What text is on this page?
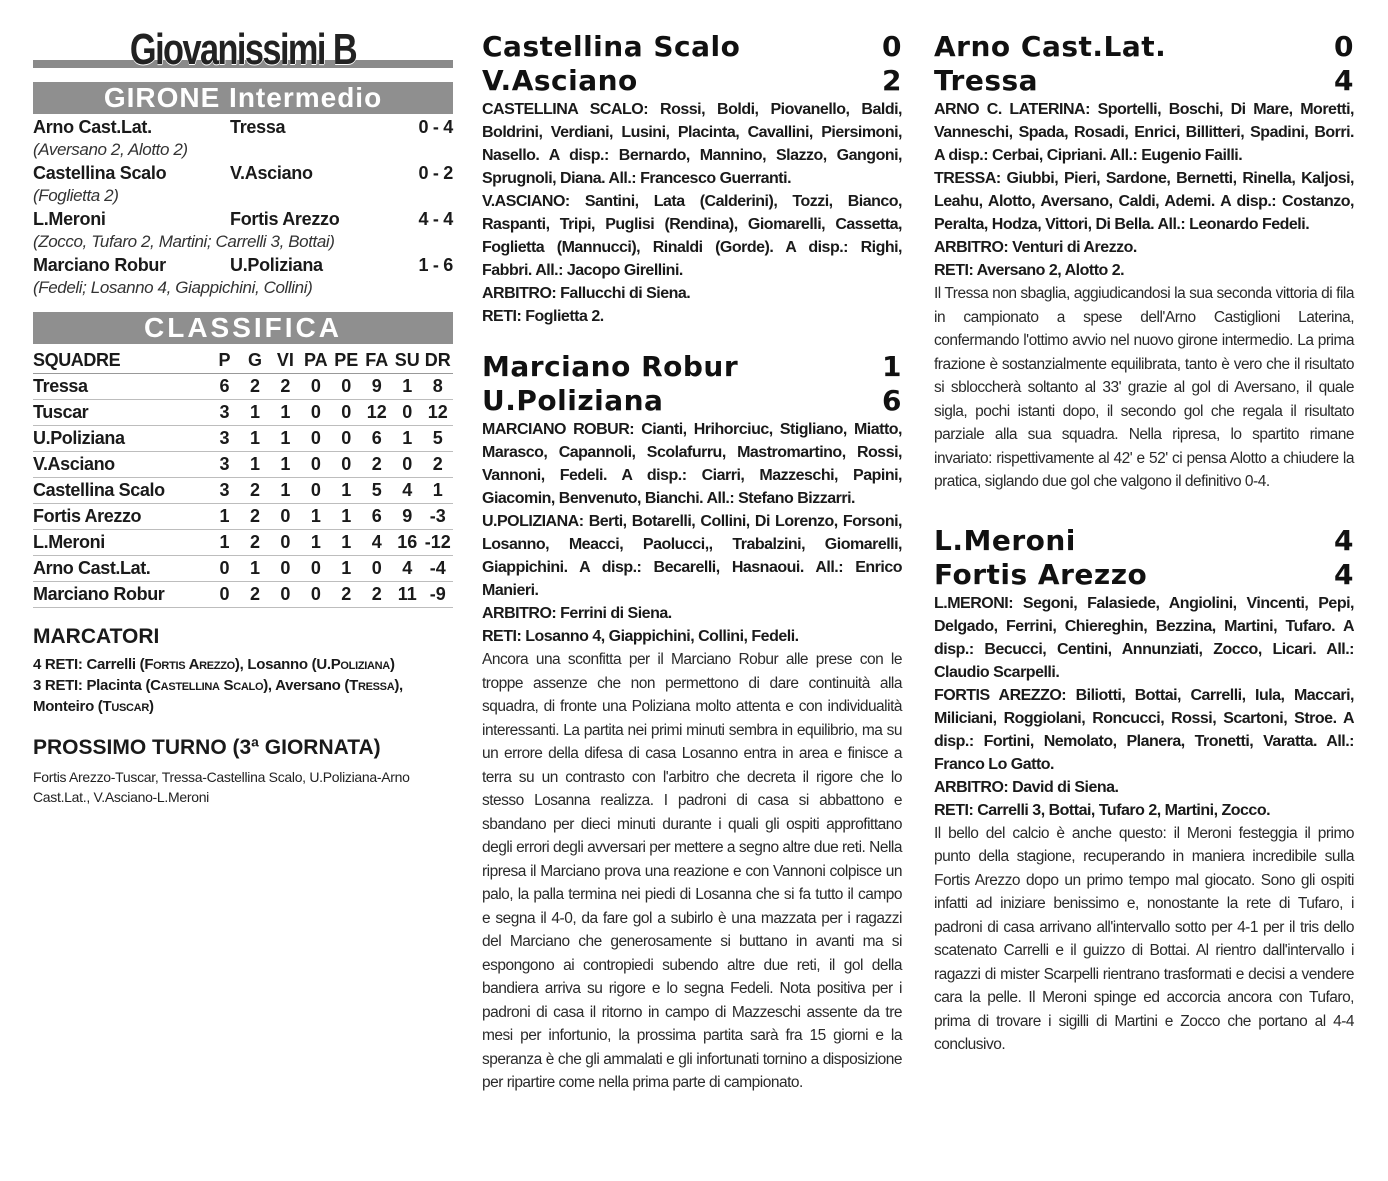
Giovanissimi B
GIRONE Intermedio
Arno Cast.Lat.	Tressa	0 - 4
(Aversano 2, Alotto 2)
Castellina Scalo	V.Asciano	0 - 2
(Foglietta 2)
L.Meroni	Fortis Arezzo	4 - 4
(Zocco, Tufaro 2, Martini; Carrelli 3, Bottai)
Marciano Robur	U.Poliziana	1 - 6
(Fedeli; Losanno 4, Giappichini, Collini)
CLASSIFICA
SQUADRE	P	G	VI	PA	PE	FA	SU	DR
Tressa	6	2	2	0	0	9	1	8
Tuscar	3	1	1	0	0	12	0	12
U.Poliziana	3	1	1	0	0	6	1	5
V.Asciano	3	1	1	0	0	2	0	2
Castellina Scalo	3	2	1	0	1	5	4	1
Fortis Arezzo	1	2	0	1	1	6	9	-3
L.Meroni	1	2	0	1	1	4	16	-12
Arno Cast.Lat.	0	1	0	0	1	0	4	-4
Marciano Robur	0	2	0	0	2	2	11	-9
MARCATORI
4 RETI: Carrelli (Fortis Arezzo), Losanno (U.Poliziana)
3 RETI: Placinta (Castellina Scalo), Aversano (Tressa),
Monteiro (Tuscar)
PROSSIMO TURNO (3ª GIORNATA)
Fortis Arezzo-Tuscar, Tressa-Castellina Scalo, U.Poliziana-Arno Cast.Lat., V.Asciano-L.Meroni
Castellina Scalo	0
V.Asciano	2
CASTELLINA SCALO: Rossi, Boldi, Piovanello, Baldi, Boldrini, Verdiani, Lusini, Placinta, Cavallini, Piersimoni, Nasello. A disp.: Bernardo, Mannino, Slazzo, Gangoni, Sprugnoli, Diana. All.: Francesco Guerranti.
V.ASCIANO: Santini, Lata (Calderini), Tozzi, Bianco, Raspanti, Tripi, Puglisi (Rendina), Giomarelli, Cassetta, Foglietta (Mannucci), Rinaldi (Gorde). A disp.: Righi, Fabbri. All.: Jacopo Girellini.
ARBITRO: Fallucchi di Siena.
RETI: Foglietta 2.
Marciano Robur	1
U.Poliziana	6
MARCIANO ROBUR: Cianti, Hrihorciuc, Stigliano, Miatto, Marasco, Capannoli, Scolafurru, Mastromartino, Rossi, Vannoni, Fedeli. A disp.: Ciarri, Mazzeschi, Papini, Giacomin, Benvenuto, Bianchi. All.: Stefano Bizzarri.
U.POLIZIANA: Berti, Botarelli, Collini, Di Lorenzo, Forsoni, Losanno, Meacci, Paolucci,, Trabalzini, Giomarelli, Giappichini. A disp.: Becarelli, Hasnaoui. All.: Enrico Manieri.
ARBITRO: Ferrini di Siena.
RETI: Losanno 4, Giappichini, Collini, Fedeli.
Ancora una sconfitta per il Marciano Robur alle prese con le troppe assenze che non permettono di dare continuità alla squadra, di fronte una Poliziana molto attenta e con individualità interessanti. La partita nei primi minuti sembra in equilibrio, ma su un errore della difesa di casa Losanno entra in area e finisce a terra su un contrasto con l'arbitro che decreta il rigore che lo stesso Losanna realizza. I padroni di casa si abbattono e sbandano per dieci minuti durante i quali gli ospiti approfittano degli errori degli avversari per mettere a segno altre due reti. Nella ripresa il Marciano prova una reazione e con Vannoni colpisce un palo, la palla termina nei piedi di Losanna che si fa tutto il campo e segna il 4-0, da fare gol a subirlo è una mazzata per i ragazzi del Marciano che generosamente si buttano in avanti ma si espongono ai contropiedi subendo altre due reti, il gol della bandiera arriva su rigore e lo segna Fedeli. Nota positiva per i padroni di casa il ritorno in campo di Mazzeschi assente da tre mesi per infortunio, la prossima partita sarà fra 15 giorni e la speranza è che gli ammalati e gli infortunati tornino a disposizione per ripartire come nella prima parte di campionato.
Arno Cast.Lat.	0
Tressa	4
ARNO C. LATERINA: Sportelli, Boschi, Di Mare, Moretti, Vanneschi, Spada, Rosadi, Enrici, Billitteri, Spadini, Borri. A disp.: Cerbai, Cipriani. All.: Eugenio Failli.
TRESSA: Giubbi, Pieri, Sardone, Bernetti, Rinella, Kaljosi, Leahu, Alotto, Aversano, Caldi, Ademi. A disp.: Costanzo, Peralta, Hodza, Vittori, Di Bella. All.: Leonardo Fedeli.
ARBITRO: Venturi di Arezzo.
RETI: Aversano 2, Alotto 2.
Il Tressa non sbaglia, aggiudicandosi la sua seconda vittoria di fila in campionato a spese dell'Arno Castiglioni Laterina, confermando l'ottimo avvio nel nuovo girone intermedio. La prima frazione è sostanzialmente equilibrata, tanto è vero che il risultato si sbloccherà soltanto al 33' grazie al gol di Aversano, il quale sigla, pochi istanti dopo, il secondo gol che regala il risultato parziale alla sua squadra. Nella ripresa, lo spartito rimane invariato: rispettivamente al 42' e 52' ci pensa Alotto a chiudere la pratica, siglando due gol che valgono il definitivo 0-4.
L.Meroni	4
Fortis Arezzo	4
L.MERONI: Segoni, Falasiede, Angiolini, Vincenti, Pepi, Delgado, Ferrini, Chiereghin, Bezzina, Martini, Tufaro. A disp.: Becucci, Centini, Annunziati, Zocco, Licari. All.: Claudio Scarpelli.
FORTIS AREZZO: Biliotti, Bottai, Carrelli, Iula, Maccari, Miliciani, Roggiolani, Roncucci, Rossi, Scartoni, Stroe. A disp.: Fortini, Nemolato, Planera, Tronetti, Varatta. All.: Franco Lo Gatto.
ARBITRO: David di Siena.
RETI: Carrelli 3, Bottai, Tufaro 2, Martini, Zocco.
Il bello del calcio è anche questo: il Meroni festeggia il primo punto della stagione, recuperando in maniera incredibile sulla Fortis Arezzo dopo un primo tempo mal giocato. Sono gli ospiti infatti ad iniziare benissimo e, nonostante la rete di Tufaro, i padroni di casa arrivano all'intervallo sotto per 4-1 per il tris dello scatenato Carrelli e il guizzo di Bottai. Al rientro dall'intervallo i ragazzi di mister Scarpelli rientrano trasformati e decisi a vendere cara la pelle. Il Meroni spinge ed accorcia ancora con Tufaro, prima di trovare i sigilli di Martini e Zocco che portano al 4-4 conclusivo.
